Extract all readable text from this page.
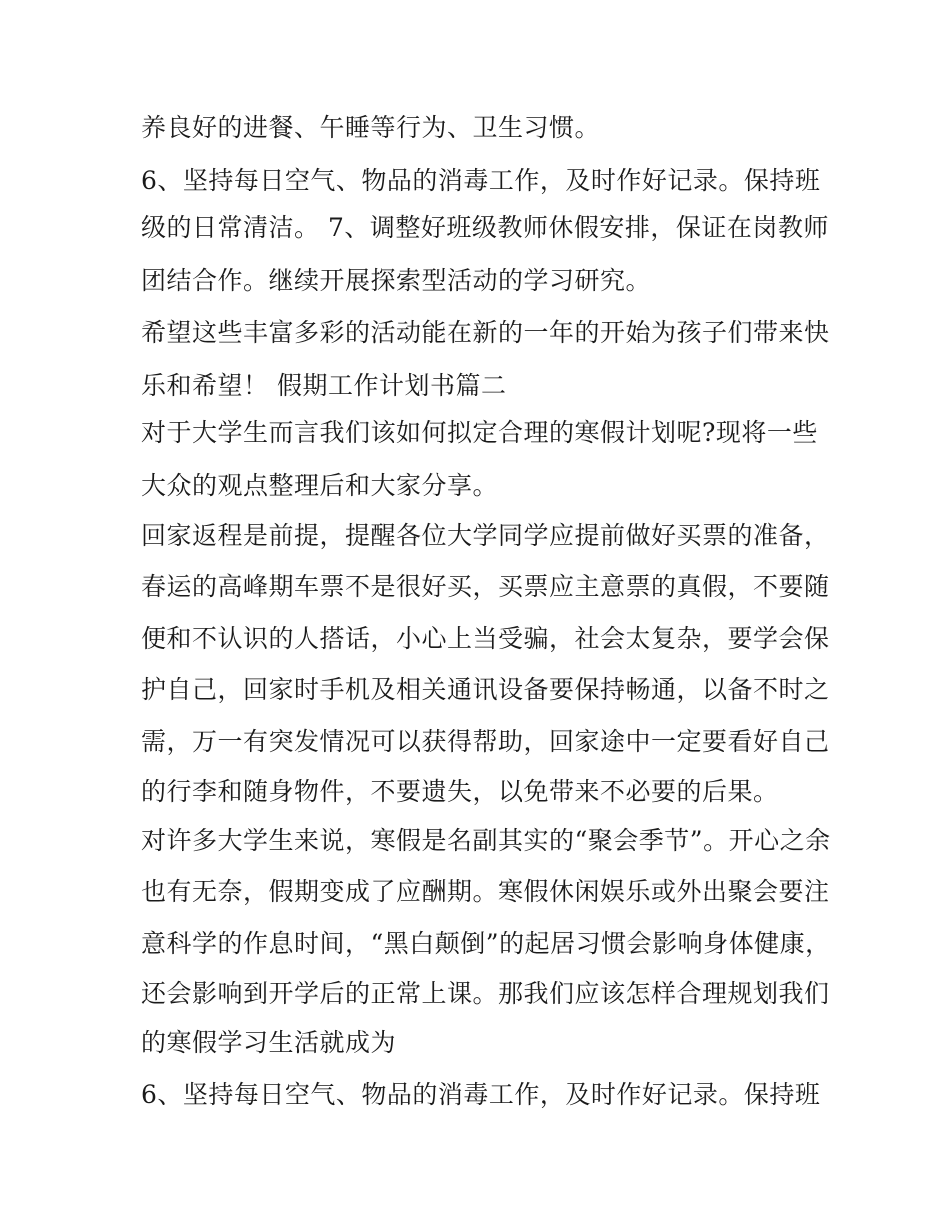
养良好的进餐、午睡等行为、卫生习惯。
6、坚持每日空气、物品的消毒工作，及时作好记录。保持班
级的日常清洁。 7、调整好班级教师休假安排，保证在岗教师
团结合作。继续开展探索型活动的学习研究。
希望这些丰富多彩的活动能在新的一年的开始为孩子们带来快
乐和希望！ 假期工作计划书篇二
对于大学生而言我们该如何拟定合理的寒假计划呢?现将一些
大众的观点整理后和大家分享。
回家返程是前提，提醒各位大学同学应提前做好买票的准备，
春运的高峰期车票不是很好买，买票应主意票的真假，不要随
便和不认识的人搭话，小心上当受骗，社会太复杂，要学会保
护自己，回家时手机及相关通讯设备要保持畅通，以备不时之
需，万一有突发情况可以获得帮助，回家途中一定要看好自己
的行李和随身物件，不要遗失，以免带来不必要的后果。
对许多大学生来说，寒假是名副其实的“聚会季节”。开心之余
也有无奈，假期变成了应酬期。寒假休闲娱乐或外出聚会要注
意科学的作息时间，“黑白颠倒”的起居习惯会影响身体健康，
还会影响到开学后的正常上课。那我们应该怎样合理规划我们
的寒假学习生活就成为
6、坚持每日空气、物品的消毒工作，及时作好记录。保持班
